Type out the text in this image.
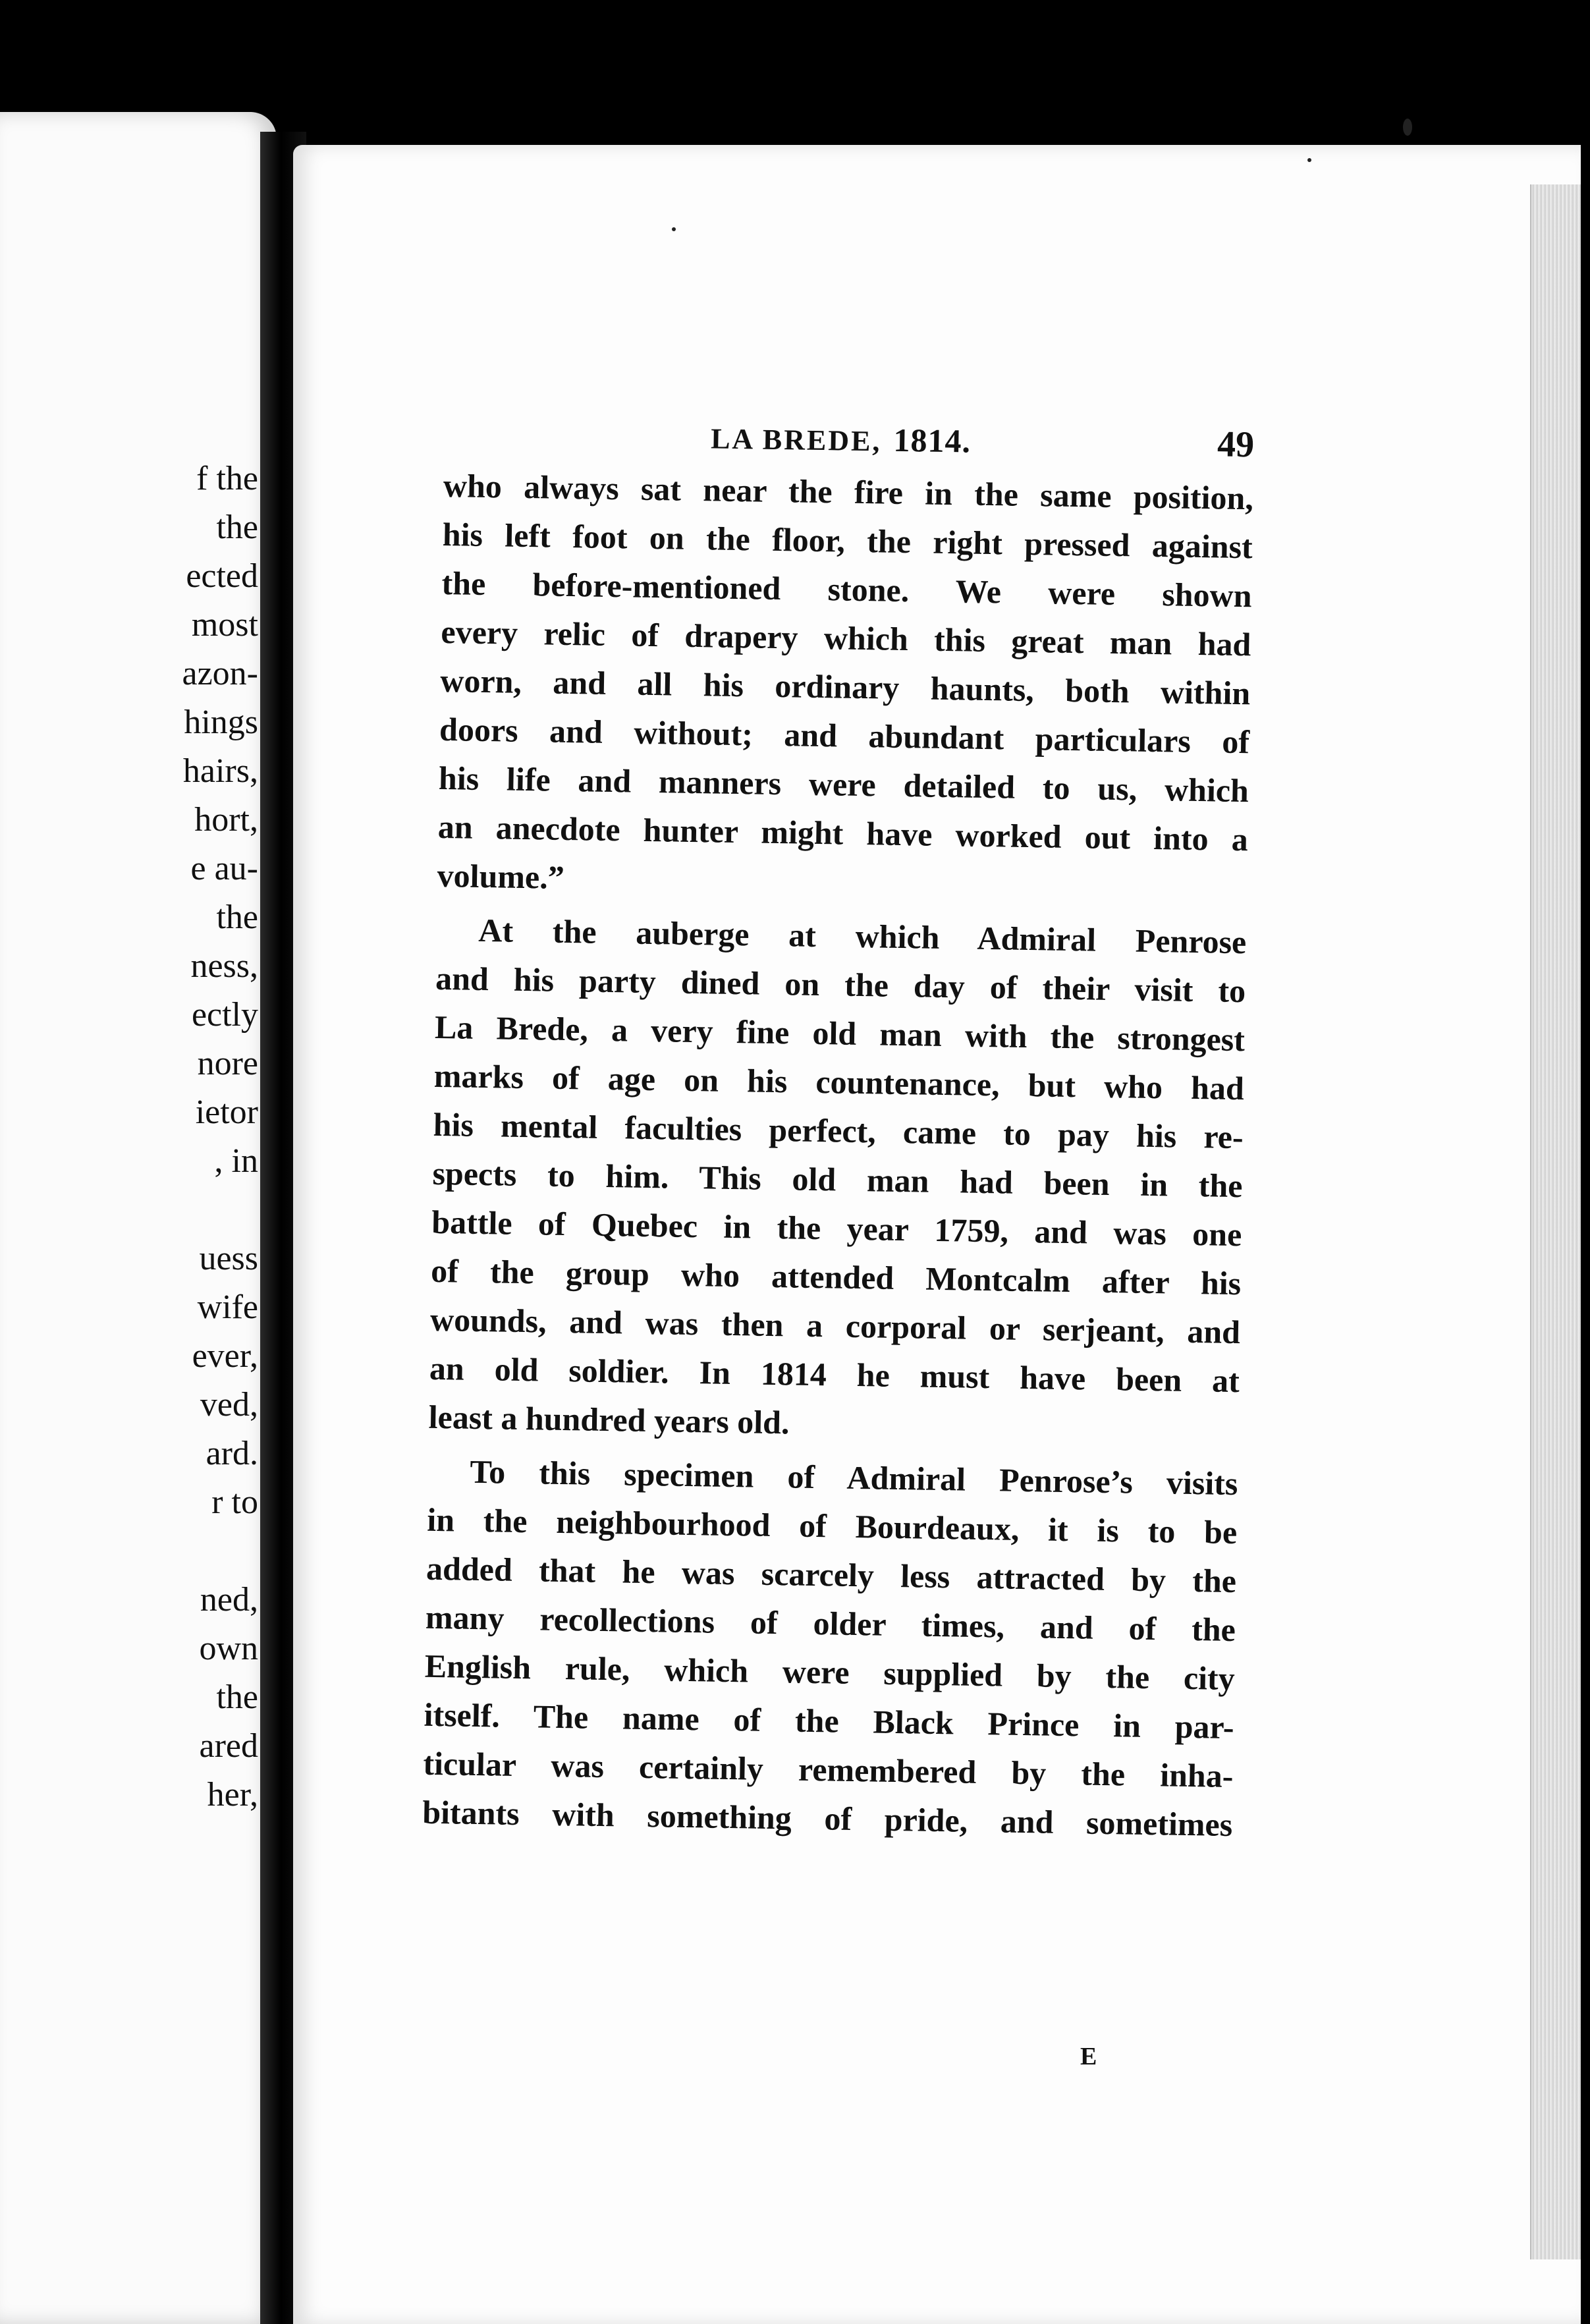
f the
the
ected
most
azon-
hings
hairs,
hort,
e au-
the
ness,
ectly
nore
ietor
, in
uess
wife
ever,
ved,
ard.
r to
ned,
own
the
ared
her,
LA BREDE, 1814.	49
who always sat near the fire in the same position,
his left foot on the floor, the right pressed against
the before-mentioned stone. We were shown
every relic of drapery which this great man had
worn, and all his ordinary haunts, both within
doors and without; and abundant particulars of
his life and manners were detailed to us, which
an anecdote hunter might have worked out into a
volume.”
At the auberge at which Admiral Penrose
and his party dined on the day of their visit to
La Brede, a very fine old man with the strongest
marks of age on his countenance, but who had
his mental faculties perfect, came to pay his re-
spects to him. This old man had been in the
battle of Quebec in the year 1759, and was one
of the group who attended Montcalm after his
wounds, and was then a corporal or serjeant, and
an old soldier. In 1814 he must have been at
least a hundred years old.
To this specimen of Admiral Penrose’s visits
in the neighbourhood of Bourdeaux, it is to be
added that he was scarcely less attracted by the
many recollections of older times, and of the
English rule, which were supplied by the city
itself. The name of the Black Prince in par-
ticular was certainly remembered by the inha-
bitants with something of pride, and sometimes
E
